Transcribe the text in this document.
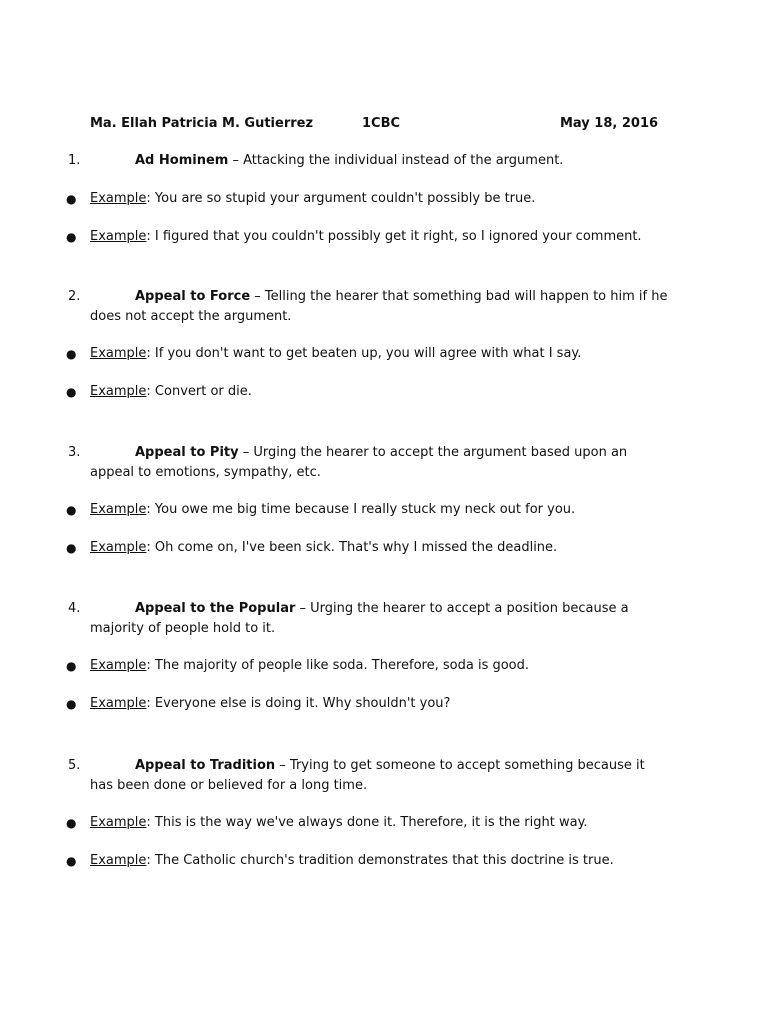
Ma. Ellah Patricia M. Gutierrez	1CBC	May 18, 2016
1.	Ad Hominem – Attacking the individual instead of the argument.
● Example: You are so stupid your argument couldn't possibly be true.
● Example: I figured that you couldn't possibly get it right, so I ignored your comment.
2.	Appeal to Force – Telling the hearer that something bad will happen to him if he
does not accept the argument.
● Example: If you don't want to get beaten up, you will agree with what I say.
● Example: Convert or die.
3.	Appeal to Pity – Urging the hearer to accept the argument based upon an
appeal to emotions, sympathy, etc.
● Example: You owe me big time because I really stuck my neck out for you.
● Example: Oh come on, I've been sick. That's why I missed the deadline.
4.	Appeal to the Popular – Urging the hearer to accept a position because a
majority of people hold to it.
● Example: The majority of people like soda. Therefore, soda is good.
● Example: Everyone else is doing it. Why shouldn't you?
5.	Appeal to Tradition – Trying to get someone to accept something because it
has been done or believed for a long time.
● Example: This is the way we've always done it. Therefore, it is the right way.
● Example: The Catholic church's tradition demonstrates that this doctrine is true.
